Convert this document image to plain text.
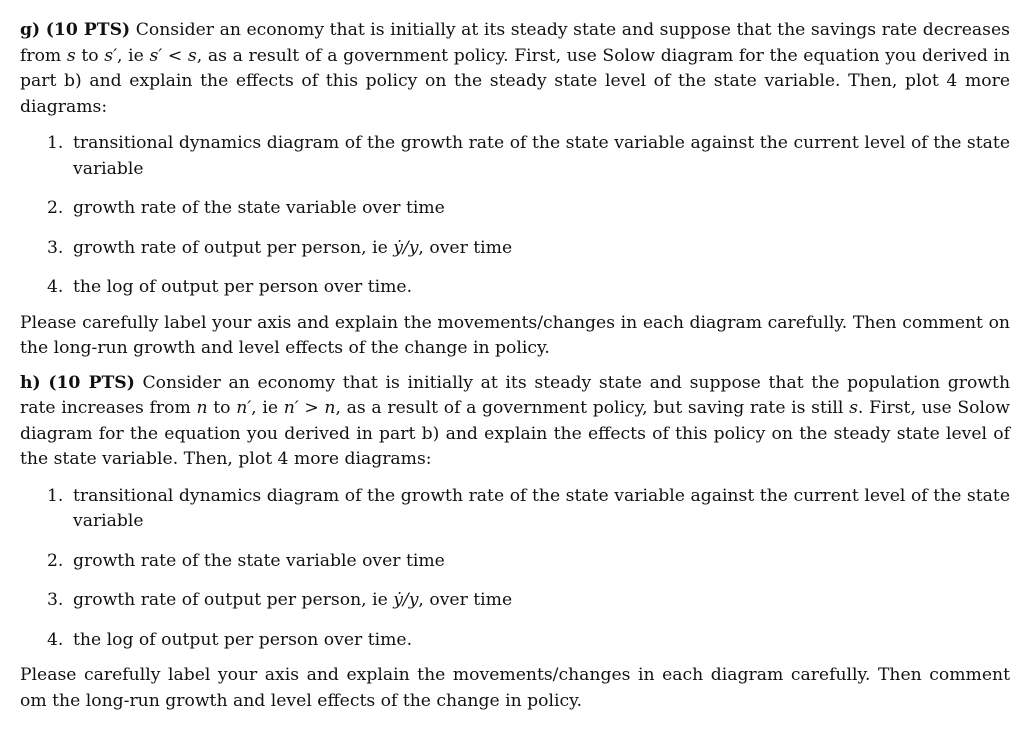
g) (10 PTS) Consider an economy that is initially at its steady state and suppose that the savings rate decreases from s to s′, ie s′ < s, as a result of a government policy. First, use Solow diagram for the equation you derived in part b) and explain the effects of this policy on the steady state level of the state variable. Then, plot 4 more diagrams:

1. transitional dynamics diagram of the growth rate of the state variable against the current level of the state variable
2. growth rate of the state variable over time
3. growth rate of output per person, ie ẏ/y, over time
4. the log of output per person over time.

Please carefully label your axis and explain the movements/changes in each diagram carefully. Then comment on the long-run growth and level effects of the change in policy.

h) (10 PTS) Consider an economy that is initially at its steady state and suppose that the population growth rate increases from n to n′, ie n′ > n, as a result of a government policy, but saving rate is still s. First, use Solow diagram for the equation you derived in part b) and explain the effects of this policy on the steady state level of the state variable. Then, plot 4 more diagrams:

1. transitional dynamics diagram of the growth rate of the state variable against the current level of the state variable
2. growth rate of the state variable over time
3. growth rate of output per person, ie ẏ/y, over time
4. the log of output per person over time.

Please carefully label your axis and explain the movements/changes in each diagram carefully. Then comment om the long-run growth and level effects of the change in policy.
